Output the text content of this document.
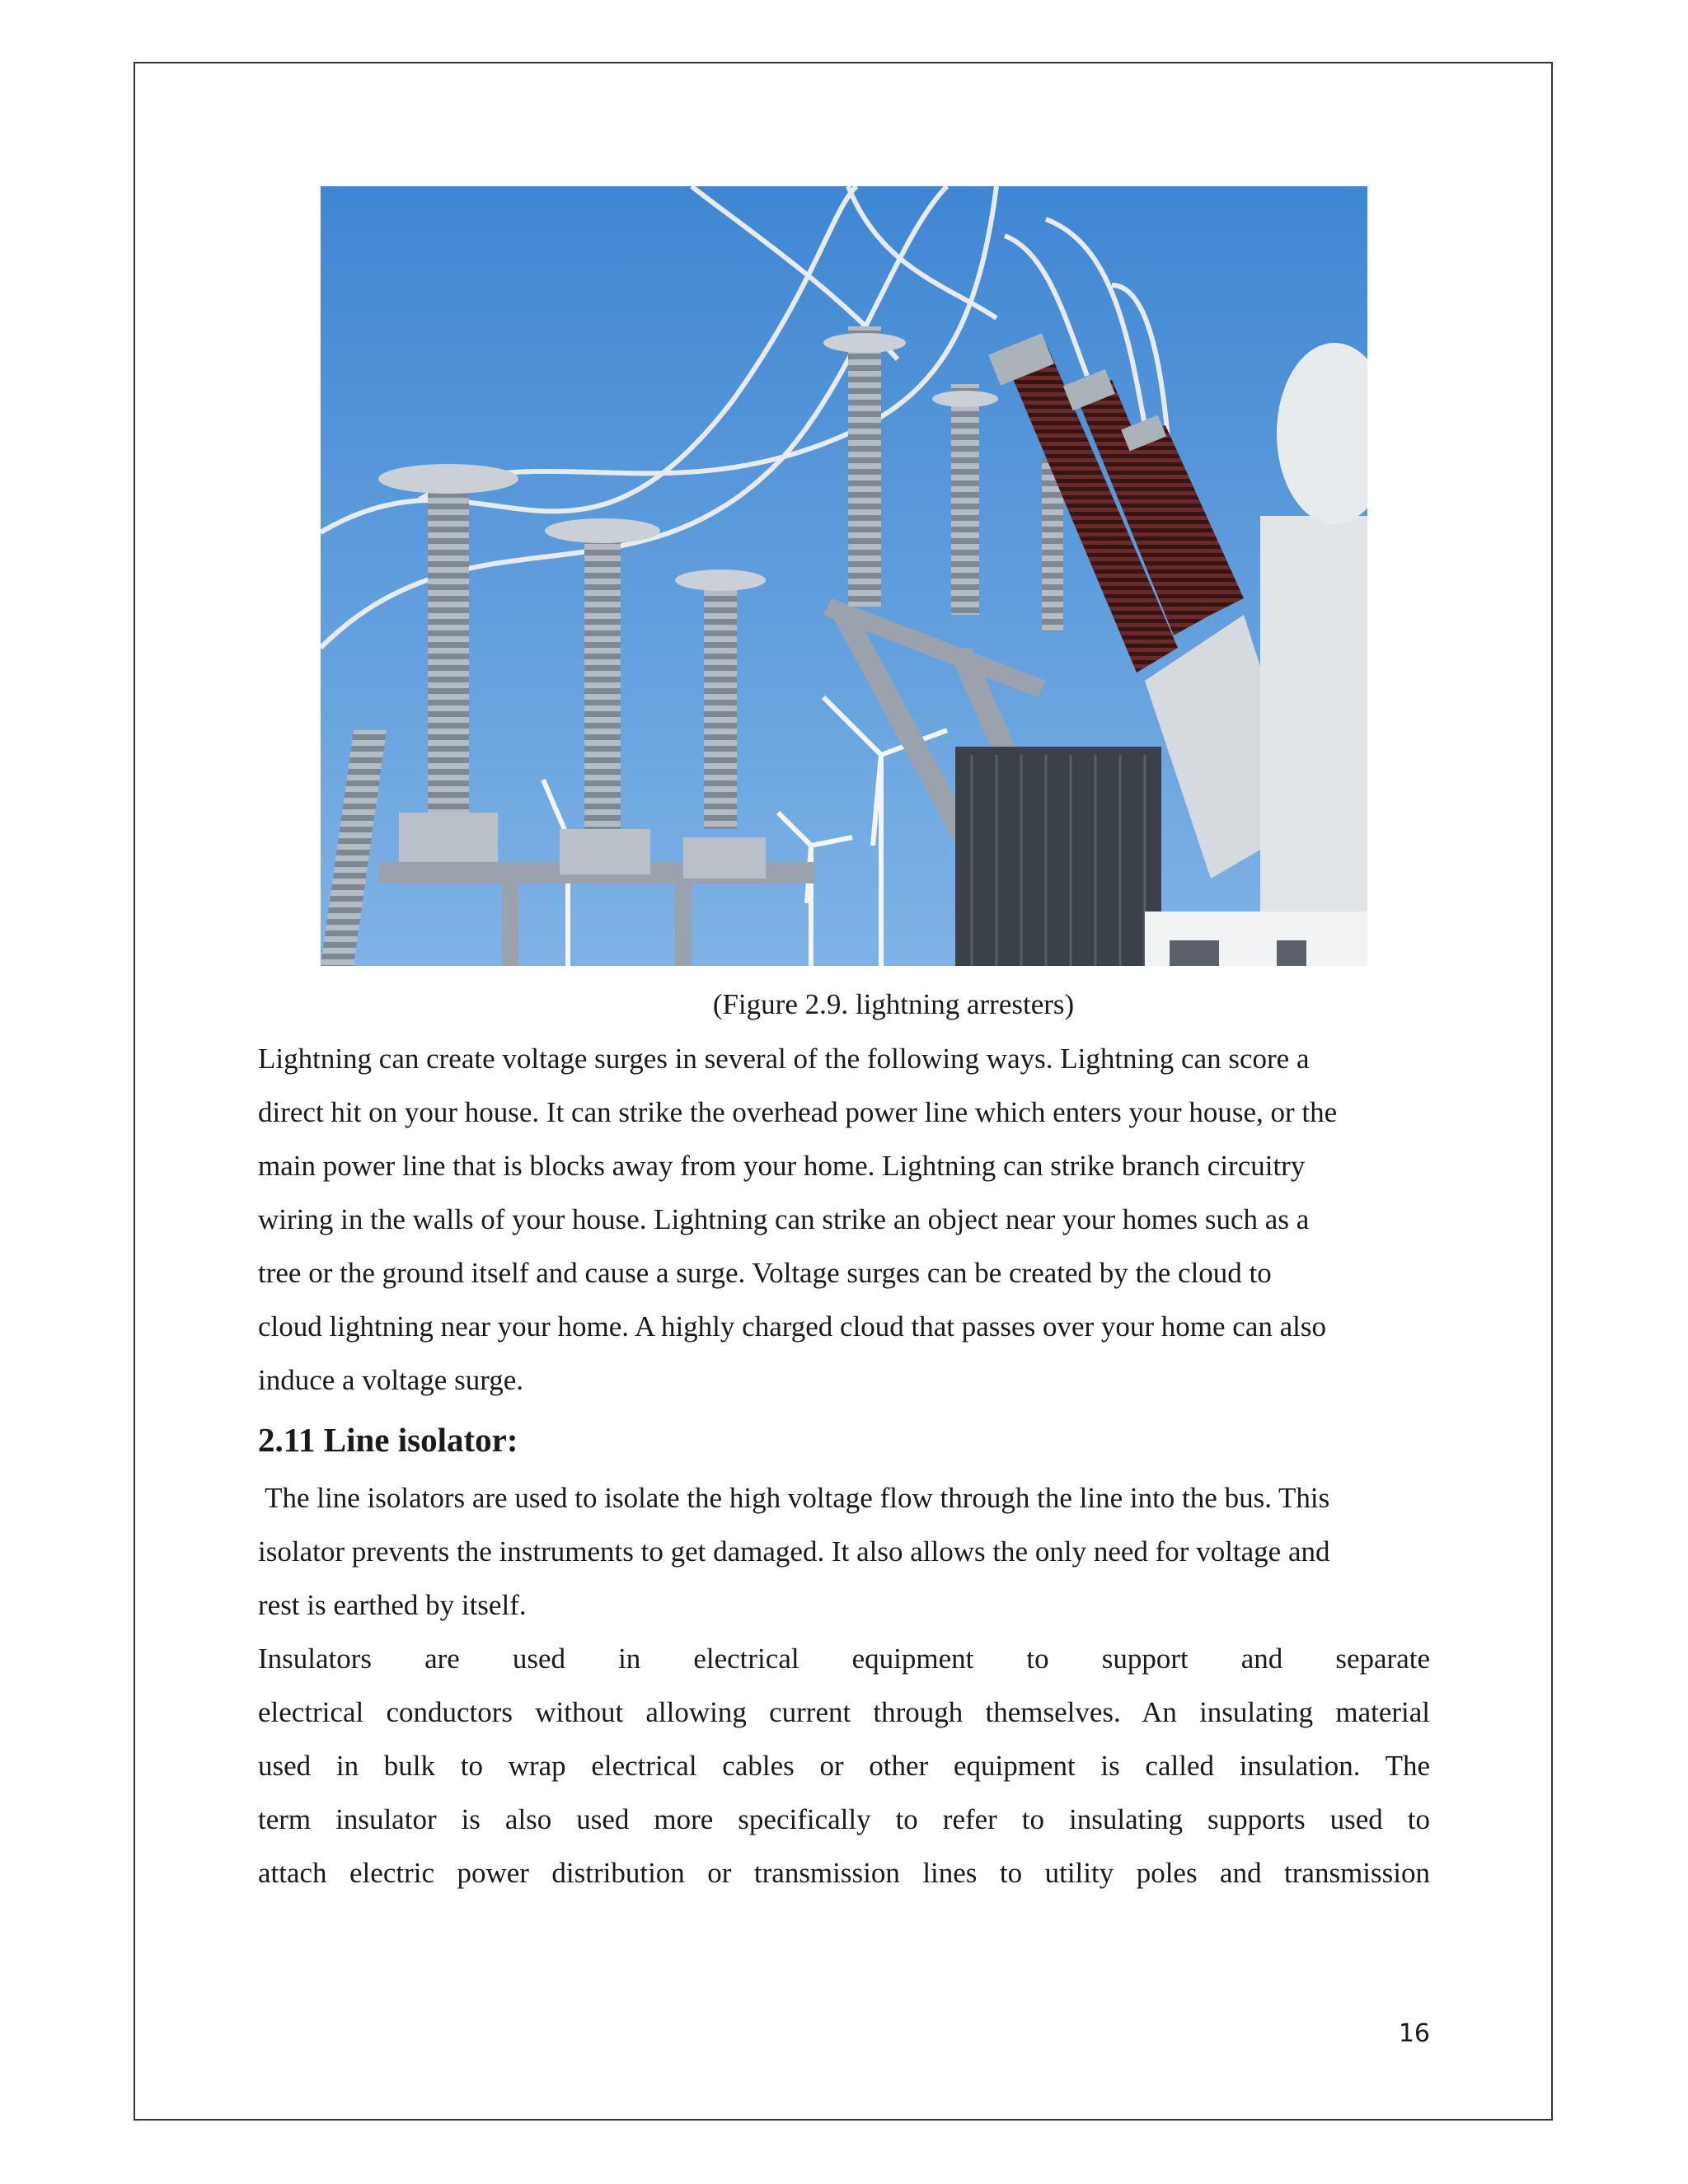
(Figure 2.9. lightning arresters)
Lightning can create voltage surges in several of the following ways. Lightning can score a
direct hit on your house. It can strike the overhead power line which enters your house, or the
main power line that is blocks away from your home. Lightning can strike branch circuitry
wiring in the walls of your house. Lightning can strike an object near your homes such as a
tree or the ground itself and cause a surge. Voltage surges can be created by the cloud to
cloud lightning near your home. A highly charged cloud that passes over your home can also
induce a voltage surge.
2.11 Line isolator:
The line isolators are used to isolate the high voltage flow through the line into the bus. This
isolator prevents the instruments to get damaged. It also allows the only need for voltage and
rest is earthed by itself.
Insulators are used in electrical equipment to support and separate
electrical conductors without allowing current through themselves. An insulating material
used in bulk to wrap electrical cables or other equipment is called insulation. The
term insulator is also used more specifically to refer to insulating supports used to
attach electric power distribution or transmission lines to utility poles and transmission
16
